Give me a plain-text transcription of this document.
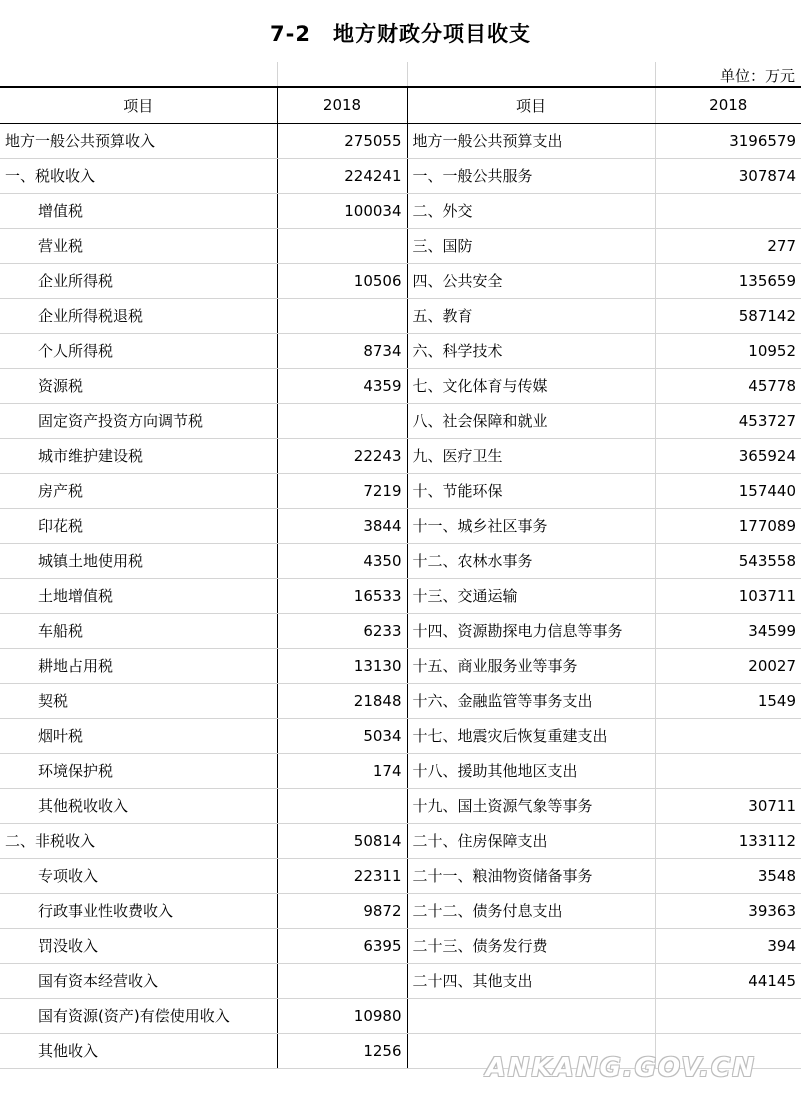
7-2　地方财政分项目收支
单位：万元
项目	2018	项目	2018
地方一般公共预算收入	275055	地方一般公共预算支出	3196579
一、税收收入	224241	一、一般公共服务	307874
增值税	100034	二、外交	
营业税		三、国防	277
企业所得税	10506	四、公共安全	135659
企业所得税退税		五、教育	587142
个人所得税	8734	六、科学技术	10952
资源税	4359	七、文化体育与传媒	45778
固定资产投资方向调节税		八、社会保障和就业	453727
城市维护建设税	22243	九、医疗卫生	365924
房产税	7219	十、节能环保	157440
印花税	3844	十一、城乡社区事务	177089
城镇土地使用税	4350	十二、农林水事务	543558
土地增值税	16533	十三、交通运输	103711
车船税	6233	十四、资源勘探电力信息等事务	34599
耕地占用税	13130	十五、商业服务业等事务	20027
契税	21848	十六、金融监管等事务支出	1549
烟叶税	5034	十七、地震灾后恢复重建支出	
环境保护税	174	十八、援助其他地区支出	
其他税收收入		十九、国土资源气象等事务	30711
二、非税收入	50814	二十、住房保障支出	133112
专项收入	22311	二十一、粮油物资储备事务	3548
行政事业性收费收入	9872	二十二、债务付息支出	39363
罚没收入	6395	二十三、债务发行费	394
国有资本经营收入		二十四、其他支出	44145
国有资源(资产)有偿使用收入	10980		
其他收入	1256		
ANKANG.GOV.CN
